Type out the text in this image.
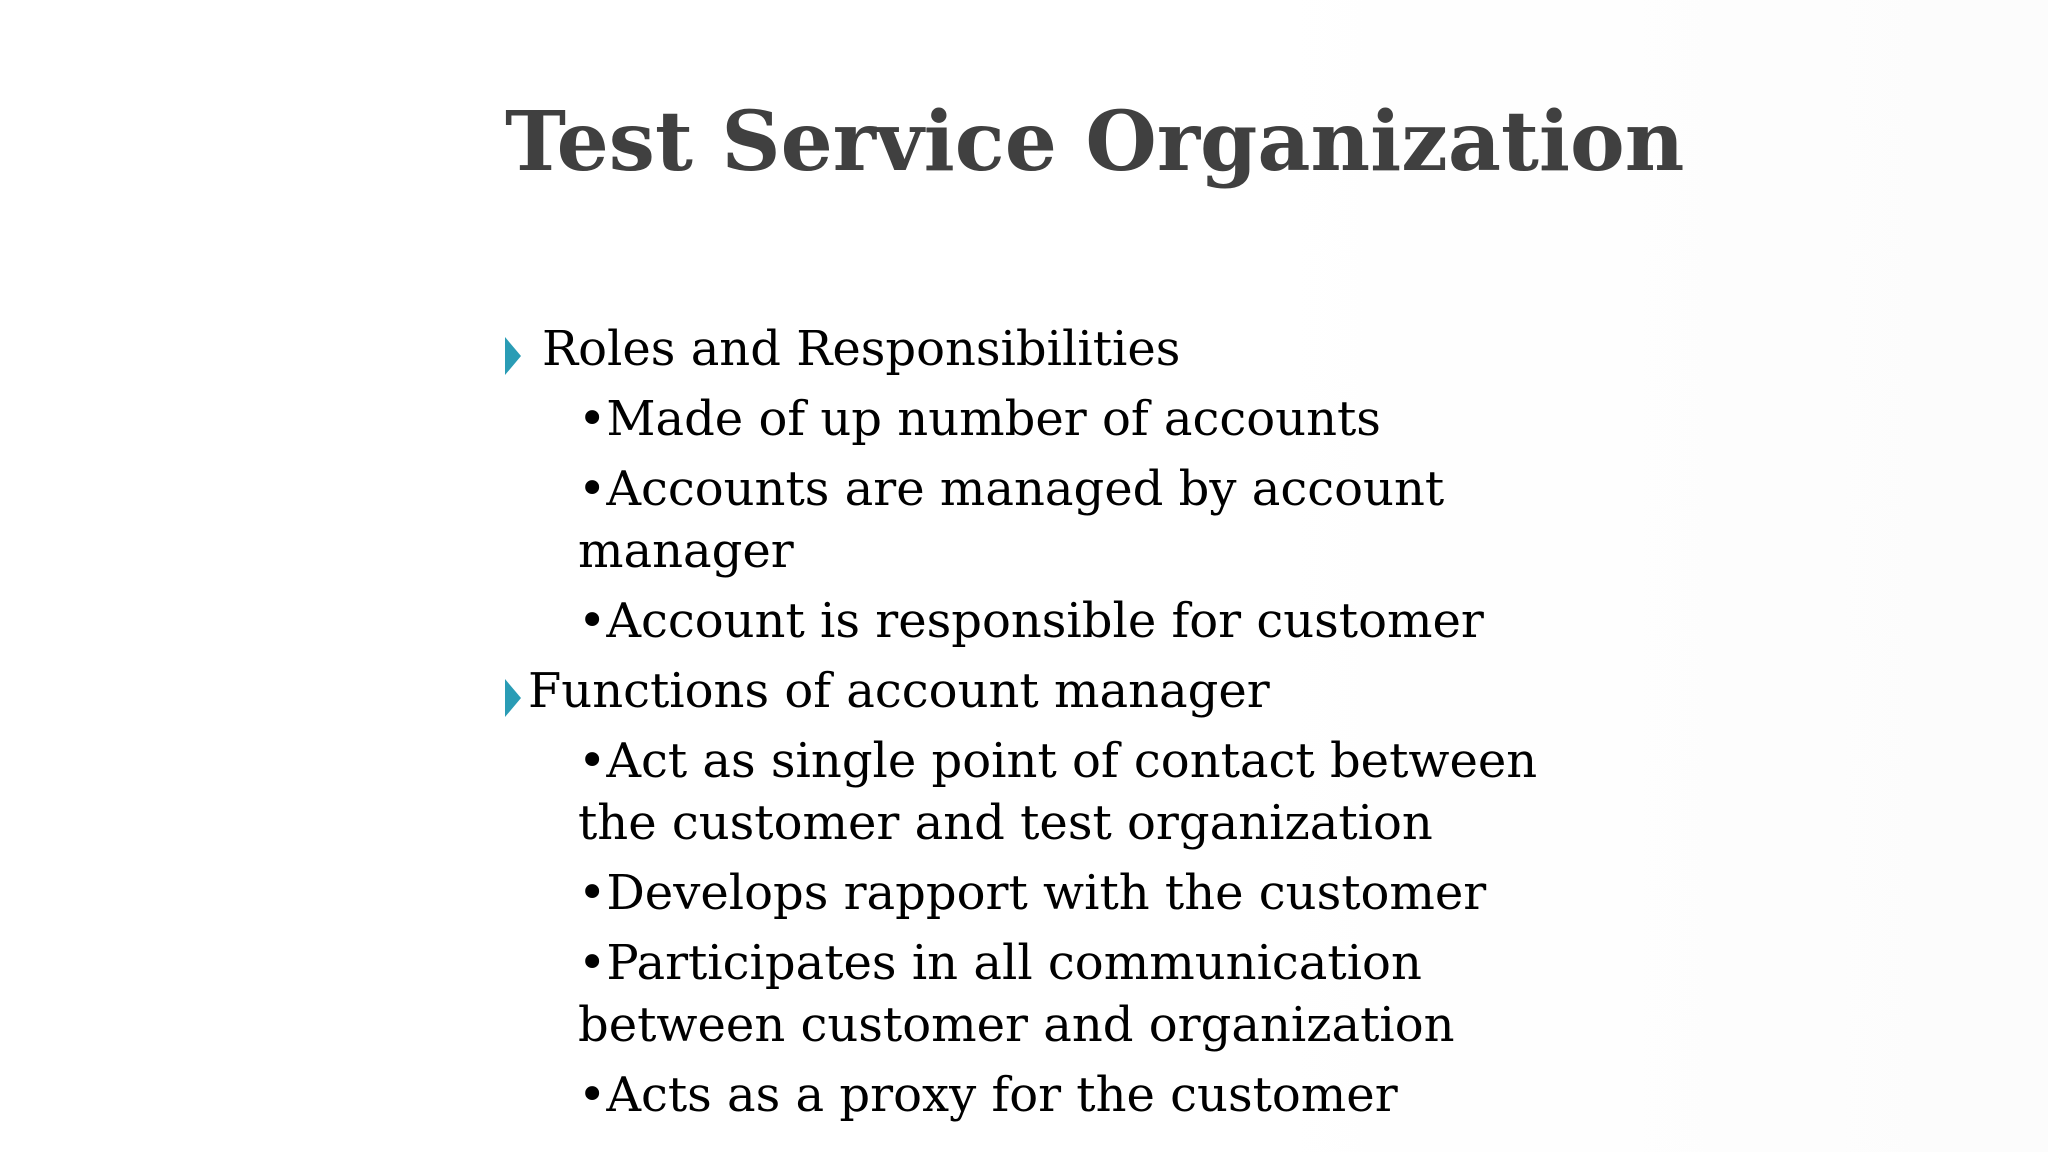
Test Service Organization
Roles and Responsibilities
•Made of up number of accounts
•Accounts are managed by account manager
•Account is responsible for customer
Functions of account manager
•Act as single point of contact between the customer and test organization
•Develops rapport with the customer
•Participates in all communication between customer and organization
•Acts as a proxy for the customer
